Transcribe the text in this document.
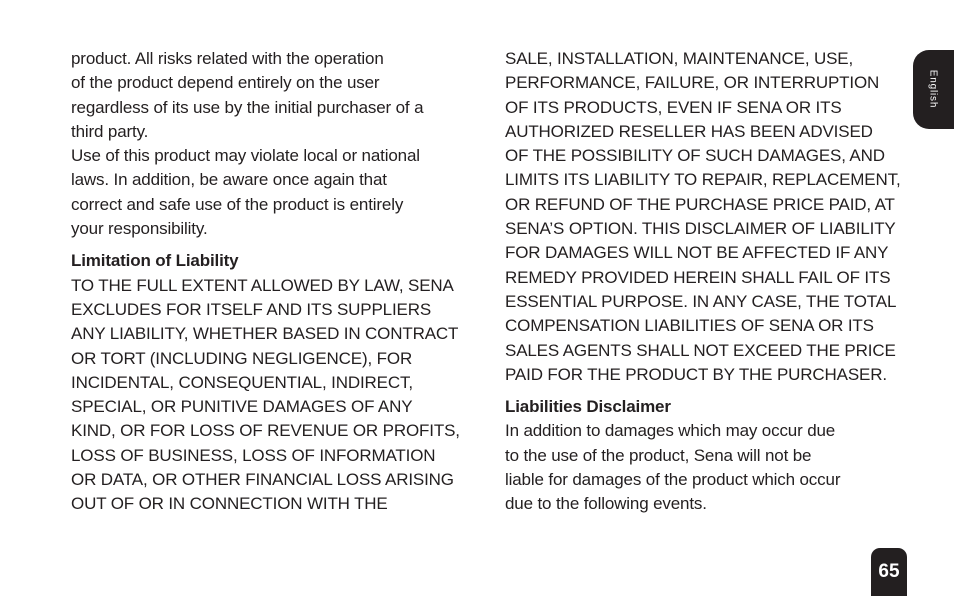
product. All risks related with the operation
of the product depend entirely on the user
regardless of its use by the initial purchaser of a
third party.

Use of this product may violate local or national
laws. In addition, be aware once again that
correct and safe use of the product is entirely
your responsibility.

Limitation of Liability

TO THE FULL EXTENT ALLOWED BY LAW, SENA
EXCLUDES FOR ITSELF AND ITS SUPPLIERS
ANY LIABILITY, WHETHER BASED IN CONTRACT
OR TORT (INCLUDING NEGLIGENCE), FOR
INCIDENTAL, CONSEQUENTIAL, INDIRECT,
SPECIAL, OR PUNITIVE DAMAGES OF ANY
KIND, OR FOR LOSS OF REVENUE OR PROFITS,
LOSS OF BUSINESS, LOSS OF INFORMATION
OR DATA, OR OTHER FINANCIAL LOSS ARISING
OUT OF OR IN CONNECTION WITH THE

SALE, INSTALLATION, MAINTENANCE, USE,
PERFORMANCE, FAILURE, OR INTERRUPTION
OF ITS PRODUCTS, EVEN IF SENA OR ITS
AUTHORIZED RESELLER HAS BEEN ADVISED
OF THE POSSIBILITY OF SUCH DAMAGES, AND
LIMITS ITS LIABILITY TO REPAIR, REPLACEMENT,
OR REFUND OF THE PURCHASE PRICE PAID, AT
SENA’S OPTION. THIS DISCLAIMER OF LIABILITY
FOR DAMAGES WILL NOT BE AFFECTED IF ANY
REMEDY PROVIDED HEREIN SHALL FAIL OF ITS
ESSENTIAL PURPOSE. IN ANY CASE, THE TOTAL
COMPENSATION LIABILITIES OF SENA OR ITS
SALES AGENTS SHALL NOT EXCEED THE PRICE
PAID FOR THE PRODUCT BY THE PURCHASER.

Liabilities Disclaimer

In addition to damages which may occur due
to the use of the product, Sena will not be
liable for damages of the product which occur
due to the following events.

English
65
